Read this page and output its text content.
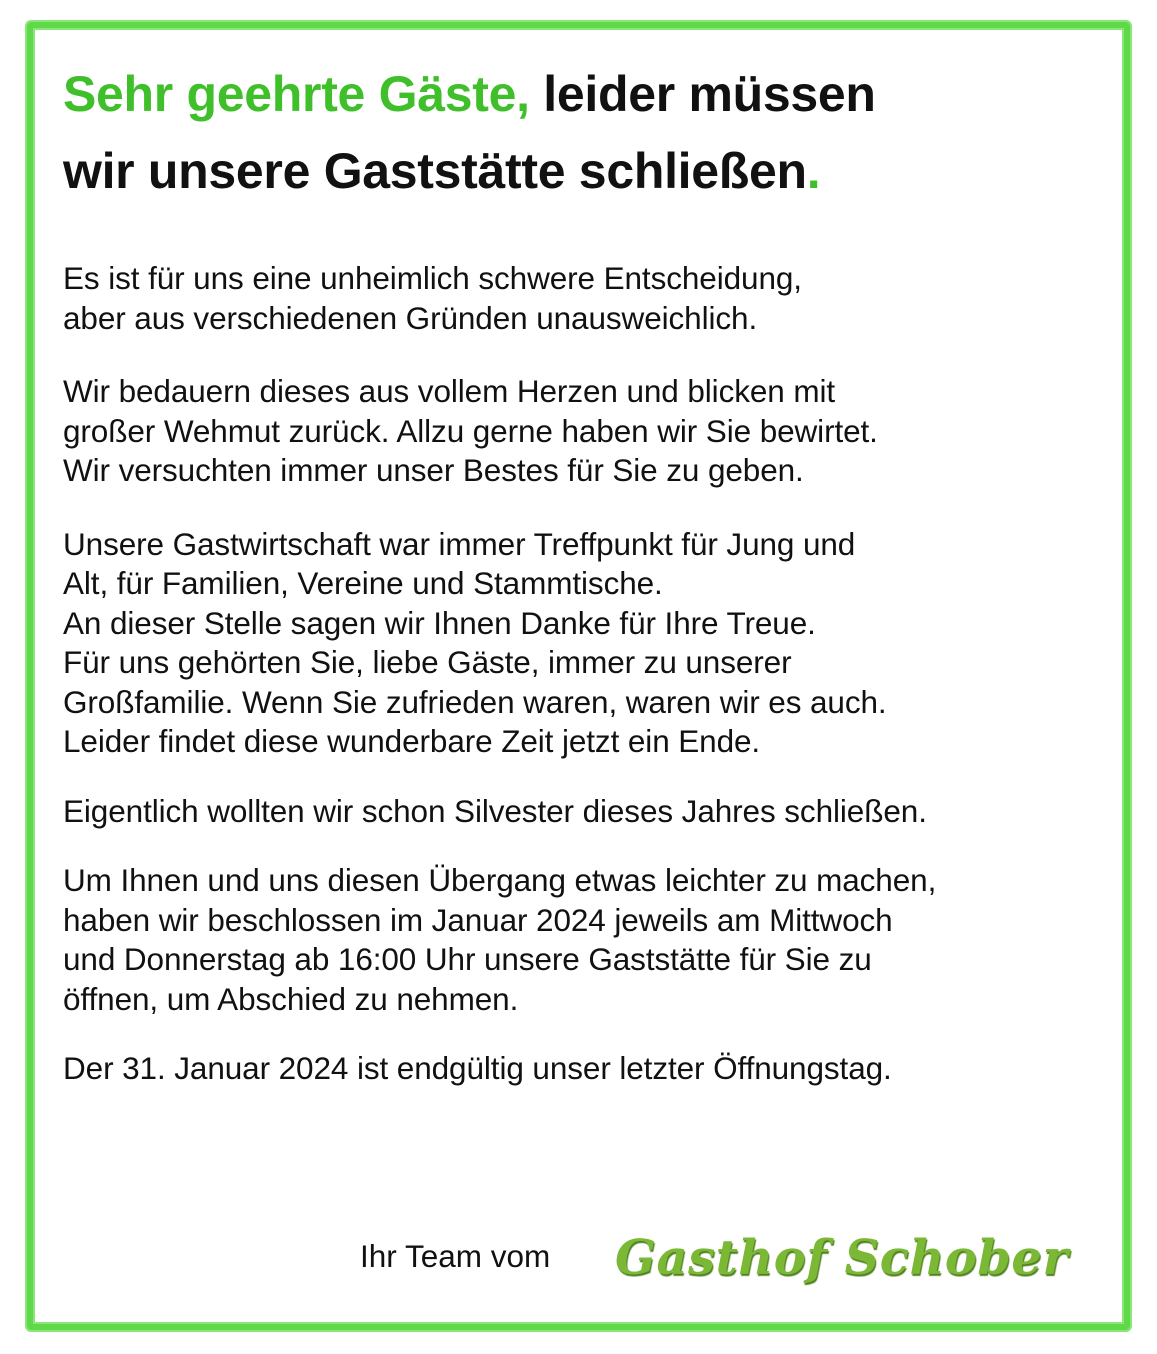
Sehr geehrte Gäste, leider müssen
wir unsere Gaststätte schließen.

Es ist für uns eine unheimlich schwere Entscheidung,
aber aus verschiedenen Gründen unausweichlich.

Wir bedauern dieses aus vollem Herzen und blicken mit
großer Wehmut zurück. Allzu gerne haben wir Sie bewirtet.
Wir versuchten immer unser Bestes für Sie zu geben.

Unsere Gastwirtschaft war immer Treffpunkt für Jung und
Alt, für Familien, Vereine und Stammtische.
An dieser Stelle sagen wir Ihnen Danke für Ihre Treue.
Für uns gehörten Sie, liebe Gäste, immer zu unserer
Großfamilie. Wenn Sie zufrieden waren, waren wir es auch.
Leider findet diese wunderbare Zeit jetzt ein Ende.

Eigentlich wollten wir schon Silvester dieses Jahres schließen.

Um Ihnen und uns diesen Übergang etwas leichter zu machen,
haben wir beschlossen im Januar 2024 jeweils am Mittwoch
und Donnerstag ab 16:00 Uhr unsere Gaststätte für Sie zu
öffnen, um Abschied zu nehmen.

Der 31. Januar 2024 ist endgültig unser letzter Öffnungstag.

Ihr Team vom Gasthof Schober
